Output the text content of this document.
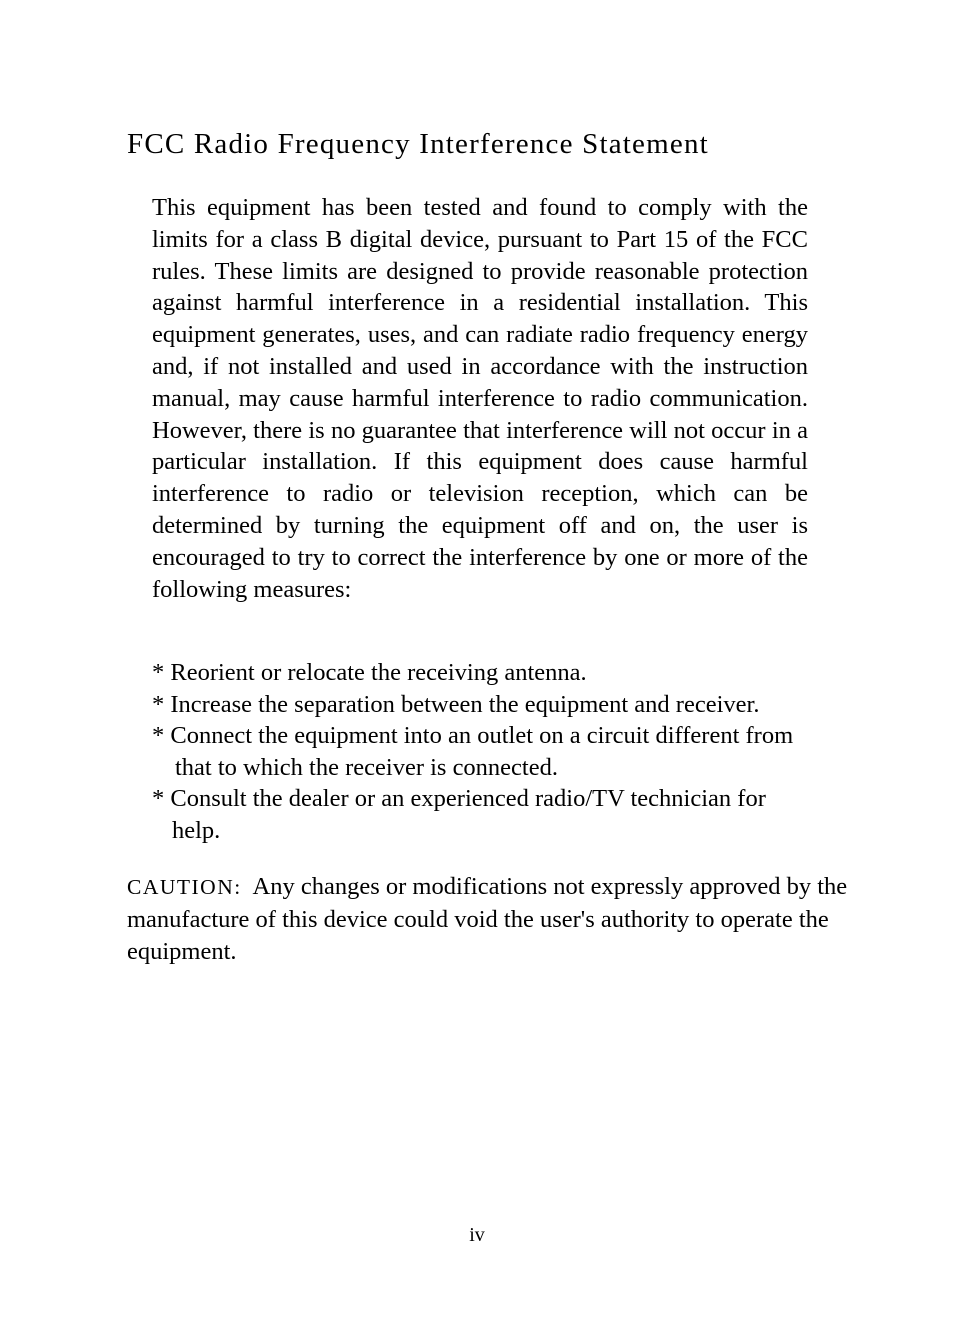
FCC Radio Frequency Interference Statement

This equipment has been tested and found to comply with the limits for a class B digital device, pursuant to Part 15 of the FCC rules. These limits are designed to provide reasonable protection against harmful interference in a residential installation. This equipment generates, uses, and can radiate radio frequency energy and, if not installed and used in accordance with the instruction manual, may cause harmful interference to radio communication. However, there is no guarantee that interference will not occur in a particular installation. If this equipment does cause harmful interference to radio or television reception, which can be determined by turning the equipment off and on, the user is encouraged to try to correct the interference by one or more of the following measures:

* Reorient or relocate the receiving antenna.
* Increase the separation between the equipment and receiver.
* Connect the equipment into an outlet on a circuit different from
that to which the receiver is connected.
* Consult the dealer or an experienced radio/TV technician for
help.

CAUTION: Any changes or modifications not expressly approved by the manufacture of this device could void the user's authority to operate the equipment.

iv
